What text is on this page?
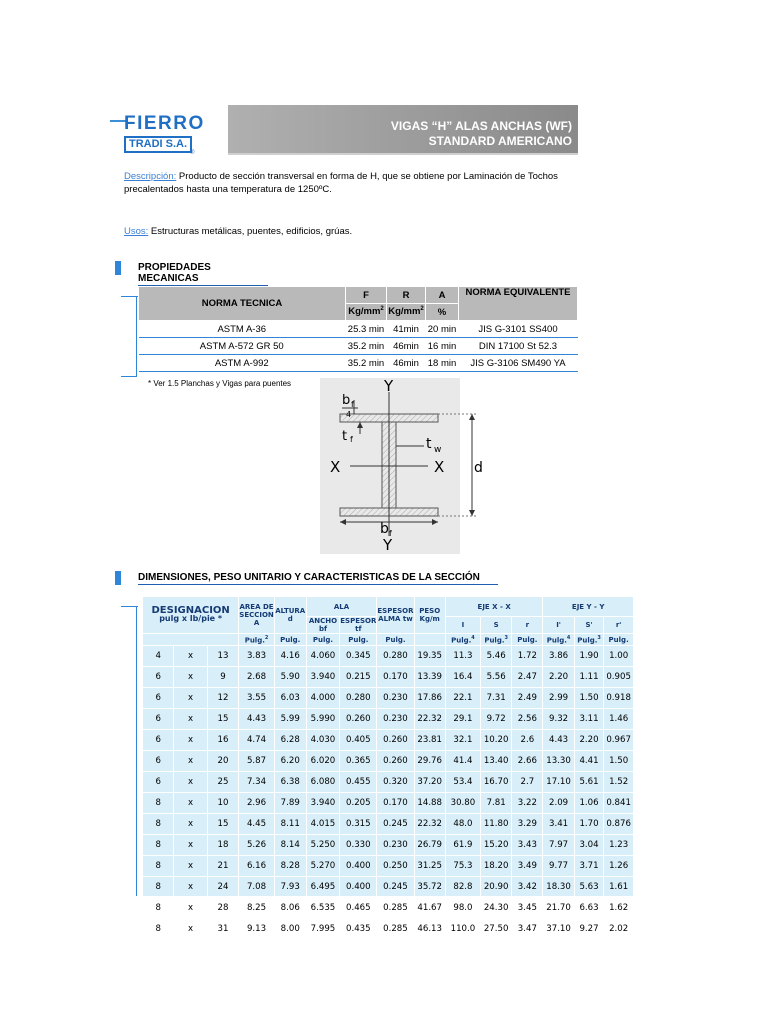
FIERRO
TRADI S.A.
®
VIGAS “H” ALAS ANCHAS (WF)
STANDARD AMERICANO
Descripción: Producto de sección transversal en forma de H, que se obtiene por Laminación de Tochos precalentados hasta una temperatura de 1250ºC.
Usos: Estructuras metálicas, puentes, edificios, grúas.
PROPIEDADES MECANICAS
NORMA TECNICA	F	R	A	NORMA EQUIVALENTE
	$Kg/mm^2$	$Kg/mm^2$	%	
ASTM A-36	25.3 min	41min	20 min	JIS G-3101 SS400
ASTM A-572 GR 50	35.2 min	46min	16 min	DIN 17100 St 52.3
ASTM A-992	35.2 min	46min	18 min	JIS G-3106 SM490 YA
* Ver 1.5 Planchas y Vigas para puentes	Y
Y
X	X
b f
4
t f	t w
d
b f
DIMENSIONES, PESO UNITARIO Y CARACTERISTICAS DE LA SECCIÓN
DESIGNACION
pulg x lb/pie *			AREA DE SECCION A	ALTURA d	ALA		ESPESOR ALMA tw	PESO Kg/m	EJE X - X			EJE Y - Y		
					ANCHO bf	ESPESOR tf			I	S	r	I'	S'	r'
			Pulg.$^2$	Pulg.	Pulg.	Pulg.	Pulg.		Pulg.$^4$	Pulg.$^3$	Pulg.	Pulg.$^4$	Pulg.$^3$	Pulg.
4	x	13	3.83	4.16	4.060	0.345	0.280	19.35	11.3	5.46	1.72	3.86	1.90	1.00
6	x	9	2.68	5.90	3.940	0.215	0.170	13.39	16.4	5.56	2.47	2.20	1.11	0.905
6	x	12	3.55	6.03	4.000	0.280	0.230	17.86	22.1	7.31	2.49	2.99	1.50	0.918
6	x	15	4.43	5.99	5.990	0.260	0.230	22.32	29.1	9.72	2.56	9.32	3.11	1.46
6	x	16	4.74	6.28	4.030	0.405	0.260	23.81	32.1	10.20	2.6	4.43	2.20	0.967
6	x	20	5.87	6.20	6.020	0.365	0.260	29.76	41.4	13.40	2.66	13.30	4.41	1.50
6	x	25	7.34	6.38	6.080	0.455	0.320	37.20	53.4	16.70	2.7	17.10	5.61	1.52
8	x	10	2.96	7.89	3.940	0.205	0.170	14.88	30.80	7.81	3.22	2.09	1.06	0.841
8	x	15	4.45	8.11	4.015	0.315	0.245	22.32	48.0	11.80	3.29	3.41	1.70	0.876
8	x	18	5.26	8.14	5.250	0.330	0.230	26.79	61.9	15.20	3.43	7.97	3.04	1.23
8	x	21	6.16	8.28	5.270	0.400	0.250	31.25	75.3	18.20	3.49	9.77	3.71	1.26
8	x	24	7.08	7.93	6.495	0.400	0.245	35.72	82.8	20.90	3.42	18.30	5.63	1.61
8	x	28	8.25	8.06	6.535	0.465	0.285	41.67	98.0	24.30	3.45	21.70	6.63	1.62
8	x	31	9.13	8.00	7.995	0.435	0.285	46.13	110.0	27.50	3.47	37.10	9.27	2.02
